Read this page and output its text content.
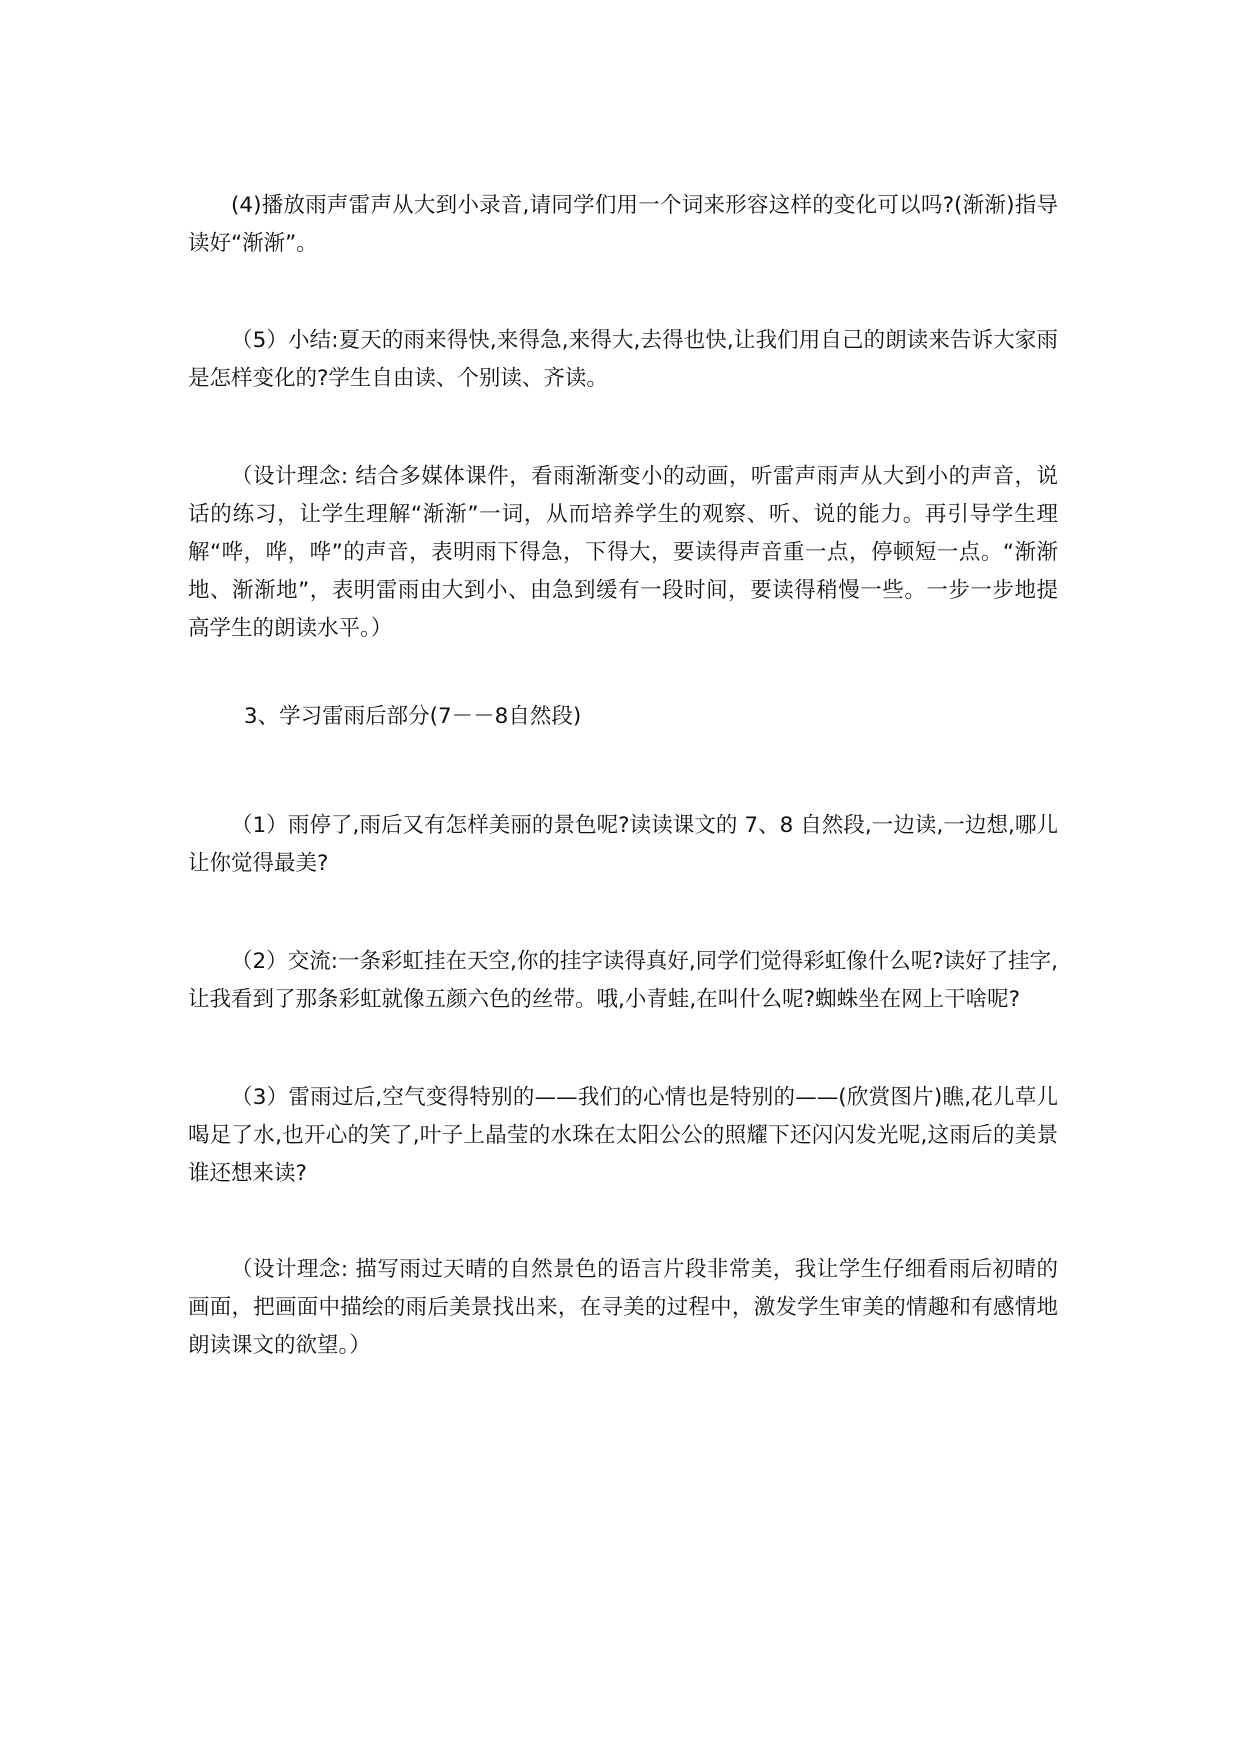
(4)播放雨声雷声从大到小录音,请同学们用一个词来形容这样的变化可以吗?(渐渐)指导读好“渐渐”。

（5）小结:夏天的雨来得快,来得急,来得大,去得也快,让我们用自己的朗读来告诉大家雨是怎样变化的?学生自由读、个别读、齐读。

（设计理念: 结合多媒体课件，看雨渐渐变小的动画，听雷声雨声从大到小的声音，说话的练习，让学生理解“渐渐”一词，从而培养学生的观察、听、说的能力。再引导学生理解“哗，哗，哗”的声音，表明雨下得急，下得大，要读得声音重一点，停顿短一点。“渐渐地、渐渐地”，表明雷雨由大到小、由急到缓有一段时间，要读得稍慢一些。一步一步地提高学生的朗读水平。）

3、学习雷雨后部分(7－－8自然段)

（1）雨停了,雨后又有怎样美丽的景色呢?读读课文的 7、8 自然段,一边读,一边想,哪儿让你觉得最美?

（2）交流:一条彩虹挂在天空,你的挂字读得真好,同学们觉得彩虹像什么呢?读好了挂字,让我看到了那条彩虹就像五颜六色的丝带。哦,小青蛙,在叫什么呢?蜘蛛坐在网上干啥呢?

（3）雷雨过后,空气变得特别的——我们的心情也是特别的——(欣赏图片)瞧,花儿草儿喝足了水,也开心的笑了,叶子上晶莹的水珠在太阳公公的照耀下还闪闪发光呢,这雨后的美景谁还想来读?

（设计理念: 描写雨过天晴的自然景色的语言片段非常美，我让学生仔细看雨后初晴的画面，把画面中描绘的雨后美景找出来，在寻美的过程中，激发学生审美的情趣和有感情地朗读课文的欲望。）
